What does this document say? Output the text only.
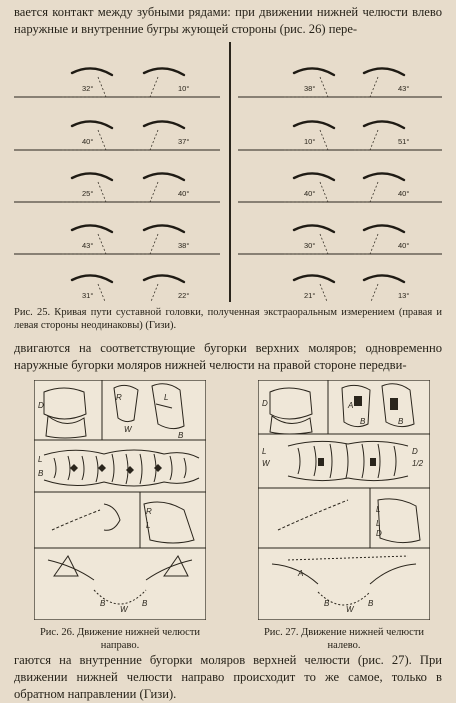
вается контакт между зубными рядами: при движении нижней челюсти влево наружные и внутренние бугры жующей стороны (рис. 26) пере-
32°	10°
40°	37°
25°	40°
43°	38°
31°	22°
38°	43°
10°	51°
40°	40°
30°	40°
21°	13°
Рис. 25. Кривая пути суставной головки, полученная экстраоральным измерением (правая и левая стороны неодинаковы) (Гизи).
двигаются на соответствующие бугорки верхних моляров; одновременно наружные бугорки моляров нижней челюсти на правой стороне передви-
D
R	L
W
B
L
B
R
L
B
W
B
D	A
B	B
L
W
D
1/2
L
L
D
A
B
W
B
Рис. 26. Движение нижней челюсти направо.
Рис. 27. Движение нижней челюсти налево.
гаются на внутренние бугорки моляров верхней челюсти (рис. 27). При движении нижней челюсти направо происходит то же самое, только в обратном направлении (Гизи).
